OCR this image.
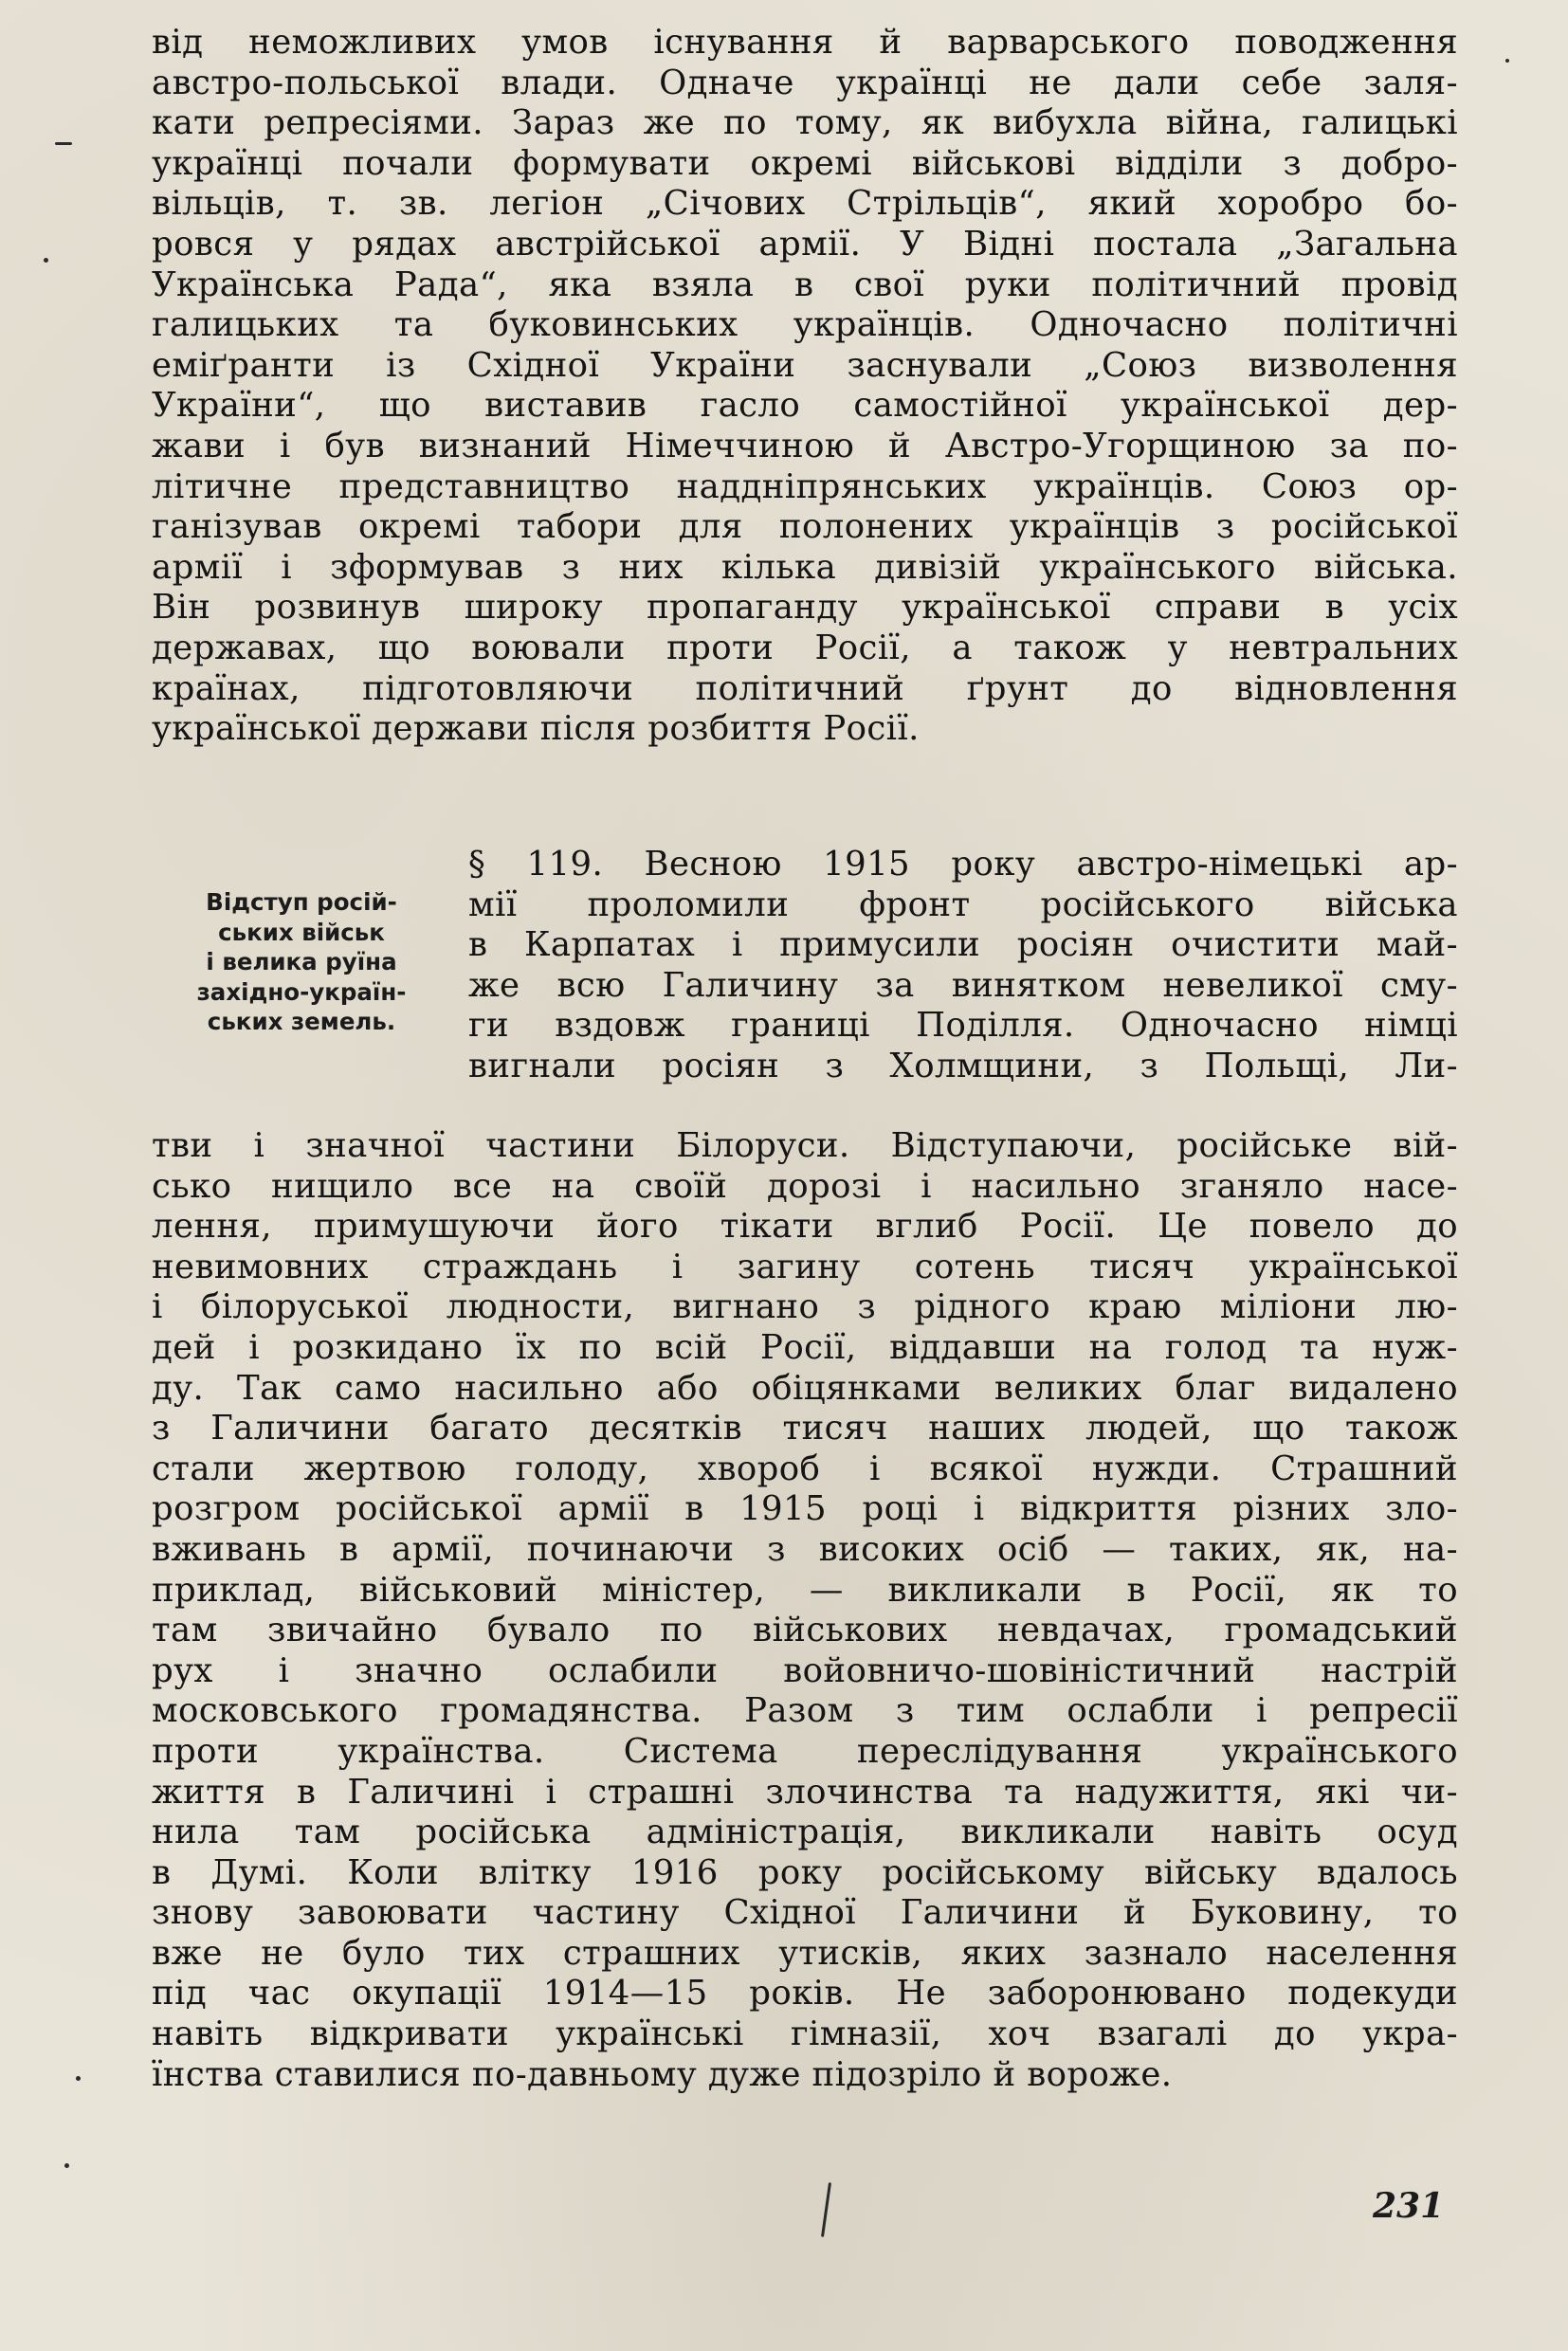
від неможливих умов існування й варварського поводження
австро-польської влади. Одначе українці не дали себе заля-
кати репресіями. Зараз же по тому, як вибухла війна, галицькі
українці почали формувати окремі військові відділи з добро-
вільців, т. зв. легіон „Січових Стрільців“, який хоробро бо-
ровся у рядах австрійської армії. У Відні постала „Загальна
Українська Рада“, яка взяла в свої руки політичний провід
галицьких та буковинських українців. Одночасно політичні
еміґранти із Східної України заснували „Союз визволення
України“, що виставив гасло самостійної української дер-
жави і був визнаний Німеччиною й Австро-Угорщиною за по-
літичне представництво наддніпрянських українців. Союз ор-
ганізував окремі табори для полонених українців з російської
армії і зформував з них кілька дивізій українського війська.
Він розвинув широку пропаганду української справи в усіх
державах, що воювали проти Росії, а також у невтральних
країнах, підготовляючи політичний ґрунт до відновлення
української держави після розбиття Росії.
Відступ росій-
ських військ
і велика руїна
західно-україн-
ських земель.
§ 119. Весною 1915 року австро-німецькі ар-
мії проломили фронт російського війська
в Карпатах і примусили росіян очистити май-
же всю Галичину за винятком невеликої сму-
ги вздовж границі Поділля. Одночасно німці
вигнали росіян з Холмщини, з Польщі, Ли-
тви і значної частини Білоруси. Відступаючи, російське вій-
сько нищило все на своїй дорозі і насильно зганяло насе-
лення, примушуючи його тікати вглиб Росії. Це повело до
невимовних страждань і загину сотень тисяч української
і білоруської людности, вигнано з рідного краю міліони лю-
дей і розкидано їх по всій Росії, віддавши на голод та нуж-
ду. Так само насильно або обіцянками великих благ видалено
з Галичини багато десятків тисяч наших людей, що також
стали жертвою голоду, хвороб і всякої нужди. Страшний
розгром російської армії в 1915 році і відкриття різних зло-
вживань в армії, починаючи з високих осіб — таких, як, на-
приклад, військовий міністер, — викликали в Росії, як то
там звичайно бувало по військових невдачах, громадський
рух і значно ослабили войовничо-шовіністичний настрій
московського громадянства. Разом з тим ослабли і репресії
проти українства. Система переслідування українського
життя в Галичині і страшні злочинства та надужиття, які чи-
нила там російська адміністрація, викликали навіть осуд
в Думі. Коли влітку 1916 року російському війську вдалось
знову завоювати частину Східної Галичини й Буковину, то
вже не було тих страшних утисків, яких зазнало населення
під час окупації 1914—15 років. Не заборонювано подекуди
навіть відкривати українські гімназії, хоч взагалі до укра-
їнства ставилися по-давньому дуже підозріло й вороже.
231
